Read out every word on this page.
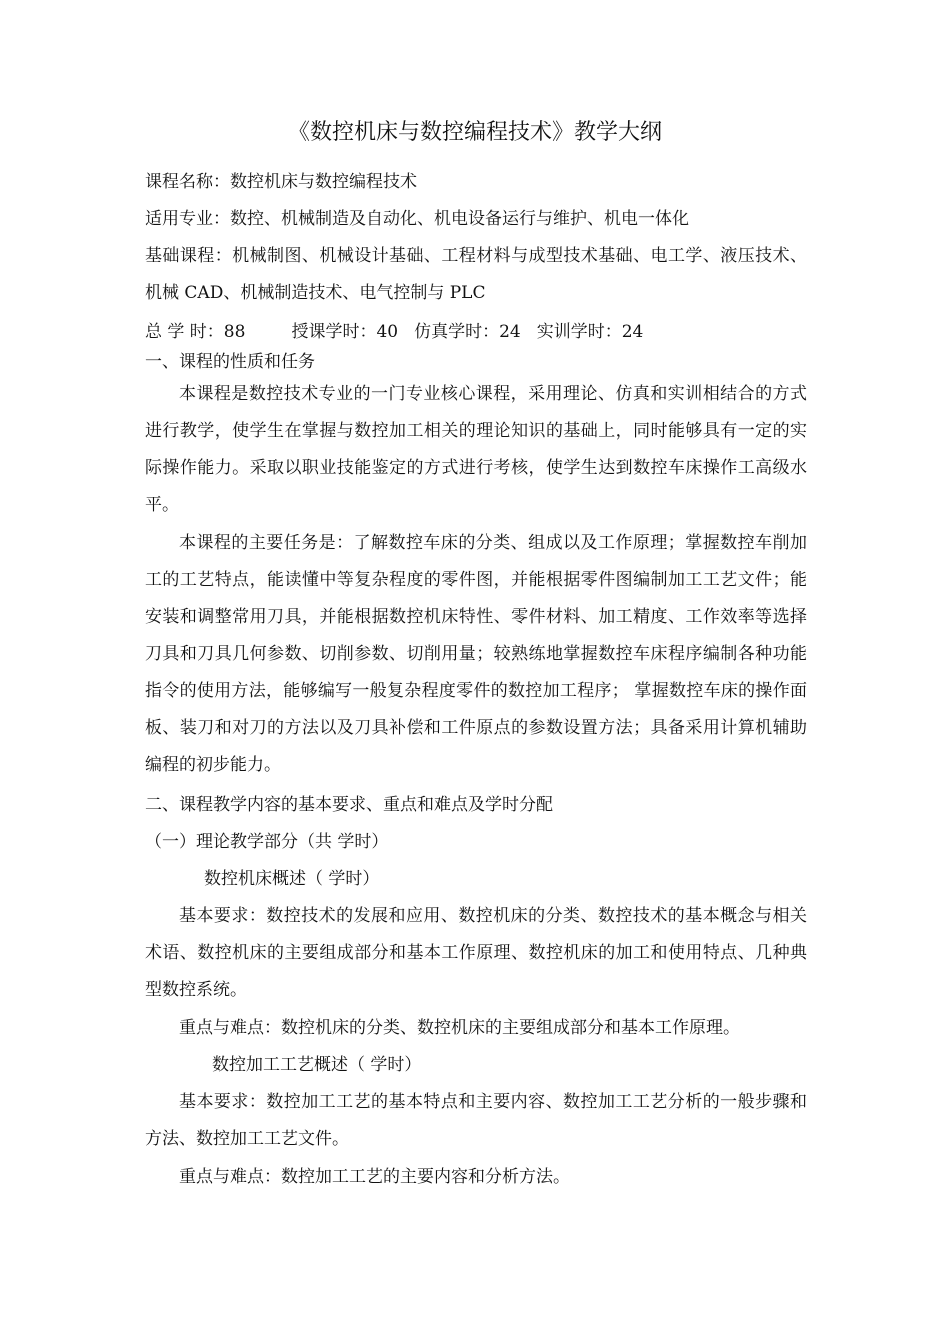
《数控机床与数控编程技术》教学大纲
课程名称：数控机床与数控编程技术
适用专业：数控、机械制造及自动化、机电设备运行与维护、机电一体化
基础课程：机械制图、机械设计基础、工程材料与成型技术基础、电工学、液压技术、机械 CAD、机械制造技术、电气控制与 PLC
总 学 时：88	授课学时：40 仿真学时：24 实训学时：24
一、课程的性质和任务
本课程是数控技术专业的一门专业核心课程，采用理论、仿真和实训相结合的方式进行教学，使学生在掌握与数控加工相关的理论知识的基础上，同时能够具有一定的实际操作能力。采取以职业技能鉴定的方式进行考核，使学生达到数控车床操作工高级水平。
本课程的主要任务是：了解数控车床的分类、组成以及工作原理；掌握数控车削加工的工艺特点，能读懂中等复杂程度的零件图，并能根据零件图编制加工工艺文件；能安装和调整常用刀具，并能根据数控机床特性、零件材料、加工精度、工作效率等选择刀具和刀具几何参数、切削参数、切削用量；较熟练地掌握数控车床程序编制各种功能指令的使用方法，能够编写一般复杂程度零件的数控加工程序； 掌握数控车床的操作面板、装刀和对刀的方法以及刀具补偿和工件原点的参数设置方法；具备采用计算机辅助编程的初步能力。
二、课程教学内容的基本要求、重点和难点及学时分配
（一）理论教学部分（共 学时）
数控机床概述（ 学时）
基本要求：数控技术的发展和应用、数控机床的分类、数控技术的基本概念与相关术语、数控机床的主要组成部分和基本工作原理、数控机床的加工和使用特点、几种典型数控系统。
重点与难点：数控机床的分类、数控机床的主要组成部分和基本工作原理。
数控加工工艺概述（ 学时）
基本要求：数控加工工艺的基本特点和主要内容、数控加工工艺分析的一般步骤和方法、数控加工工艺文件。
重点与难点：数控加工工艺的主要内容和分析方法。
